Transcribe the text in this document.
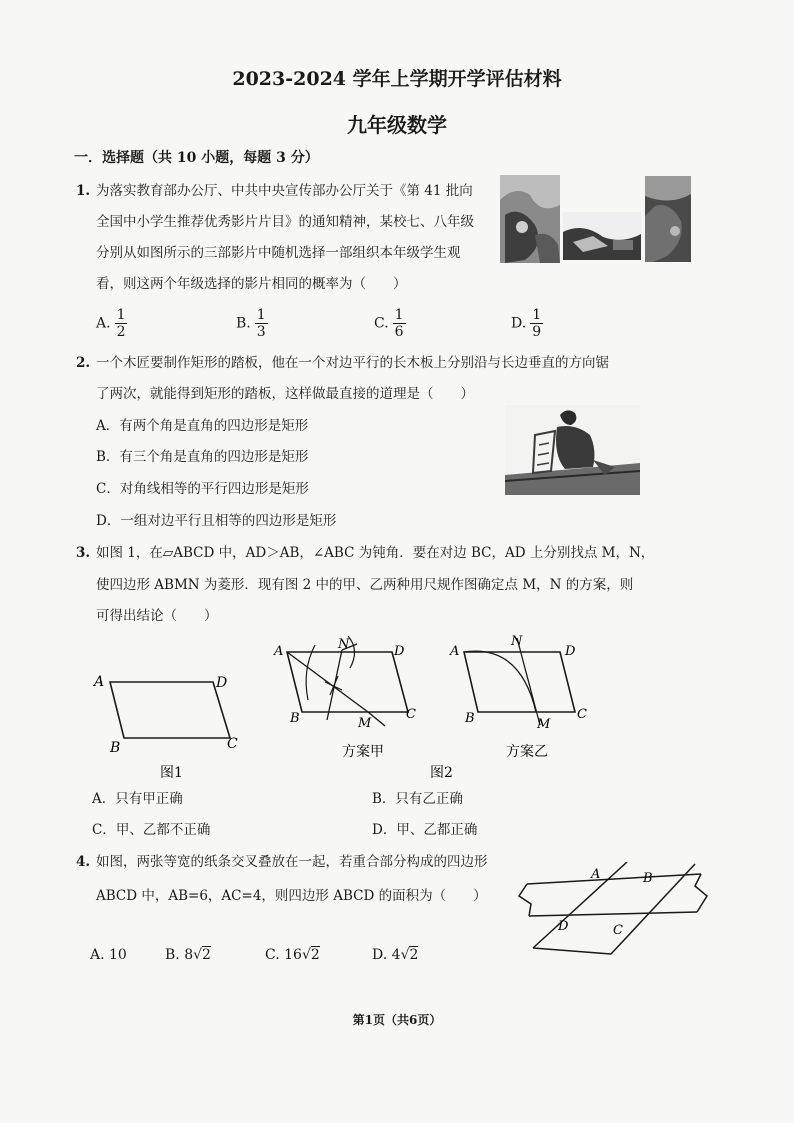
2023-2024 学年上学期开学评估材料
九年级数学
一．选择题（共 10 小题，每题 3 分）
1. 为落实教育部办公厅、中共中央宣传部办公厅关于《第 41 批向
全国中小学生推荐优秀影片片目》的通知精神，某校七、八年级
分别从如图所示的三部影片中随机选择一部组织本年级学生观
看，则这两个年级选择的影片相同的概率为（　　）
A. $\frac{1}{2}$	B. $\frac{1}{3}$	C. $\frac{1}{6}$	D. $\frac{1}{9}$
2. 一个木匠要制作矩形的踏板，他在一个对边平行的长木板上分别沿与长边垂直的方向锯
了两次，就能得到矩形的踏板，这样做最直接的道理是（　　）
A．有两个角是直角的四边形是矩形
B．有三个角是直角的四边形是矩形
C．对角线相等的平行四边形是矩形
D．一组对边平行且相等的四边形是矩形
3. 如图 1，在▱ABCD 中，AD＞AB，∠ABC 为钝角．要在对边 BC，AD 上分别找点 M，N，
使四边形 ABMN 为菱形．现有图 2 中的甲、乙两种用尺规作图确定点 M，N 的方案，则
可得出结论（　　）
A	D
B	C
图1
A	N	D
B	M
C
方案甲
A
N
D
B	M
C
方案乙
图2
A．只有甲正确	B．只有乙正确
C．甲、乙都不正确	D．甲、乙都正确
4. 如图，两张等宽的纸条交叉叠放在一起，若重合部分构成的四边形
ABCD 中，AB=6，AC=4，则四边形 ABCD 的面积为（　　）
A	B
D	C
A. 10	B. 8√2	C. 16√2	D. 4√2
第1页（共6页）
